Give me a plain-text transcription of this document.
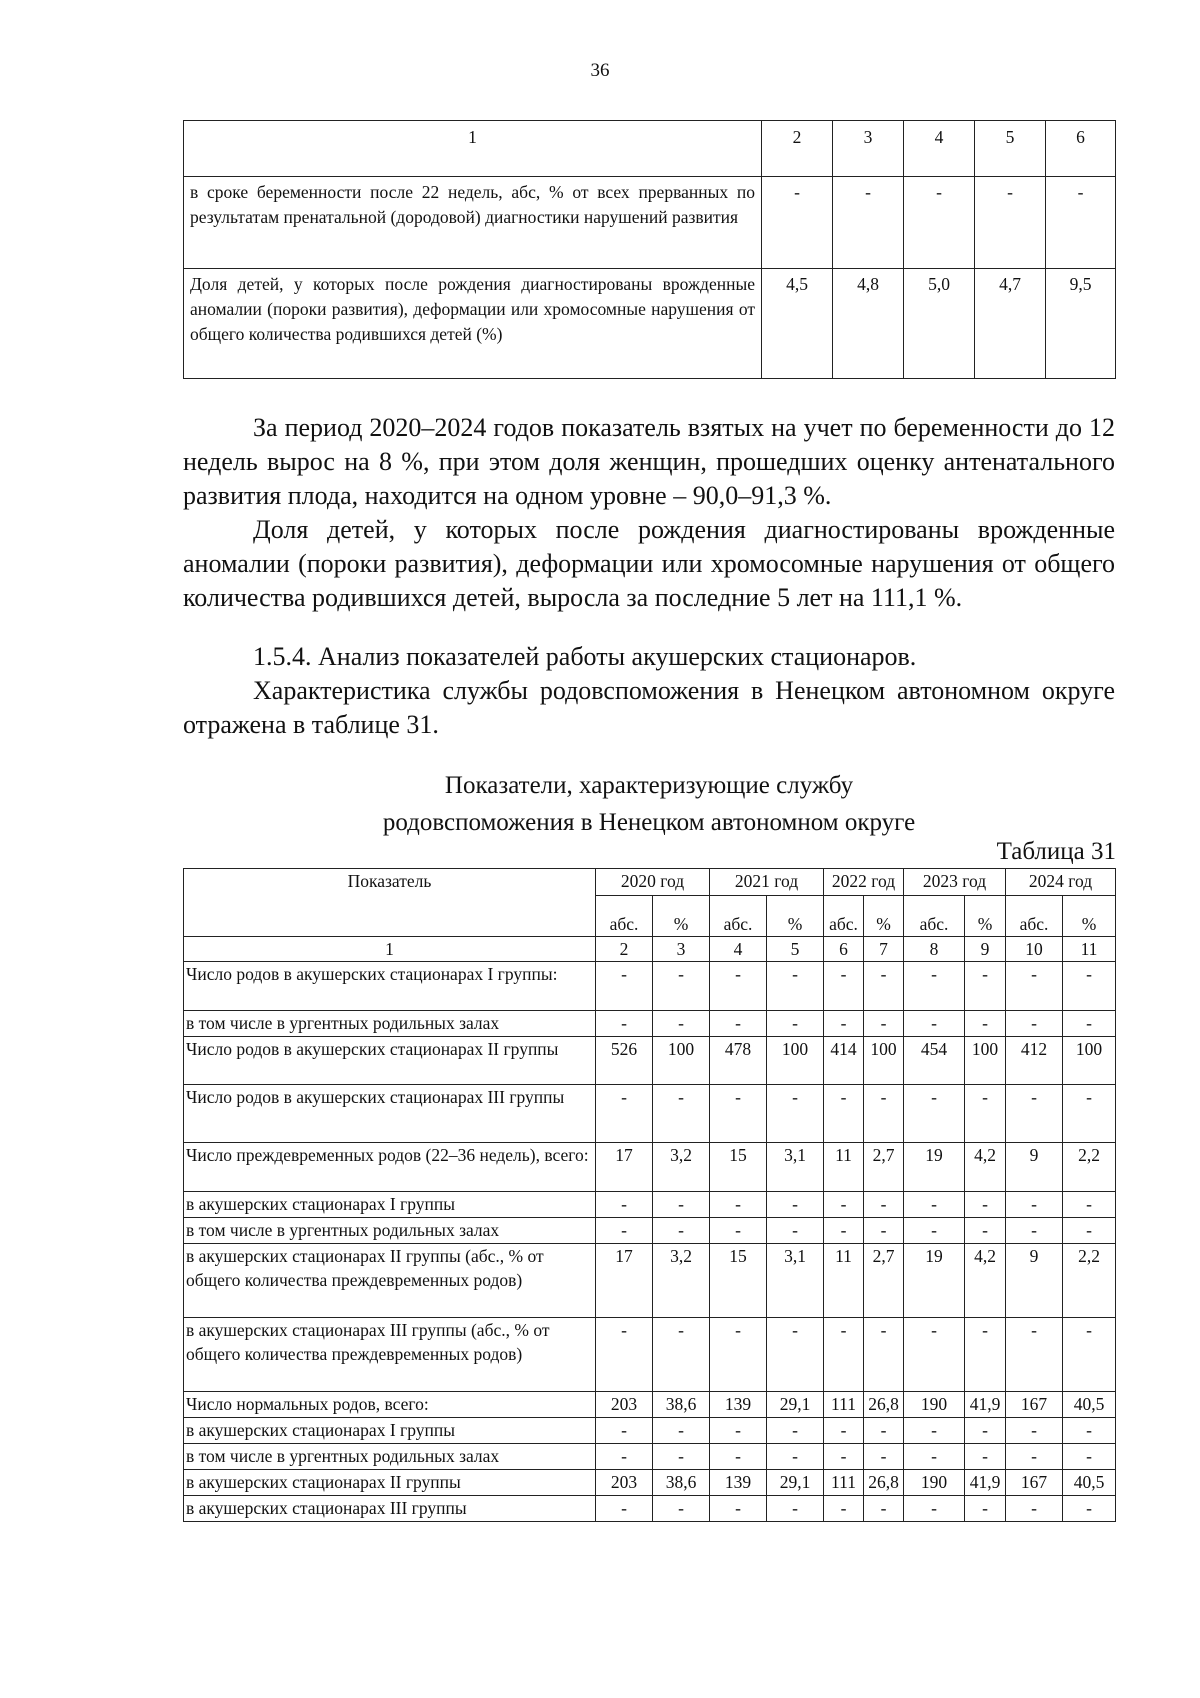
36
1	2	3	4	5	6
в сроке беременности после 22 недель, абс, % от всех прерванных по результатам пренатальной (дородовой) диагностики нарушений развития	-	-	-	-	-
Доля детей, у которых после рождения диагностированы врожденные аномалии (пороки развития), деформации или хромосомные нарушения от общего количества родившихся детей (%)	4,5	4,8	5,0	4,7	9,5

За период 2020–2024 годов показатель взятых на учет по беременности до 12 недель вырос на 8 %, при этом доля женщин, прошедших оценку антенатального развития плода, находится на одном уровне – 90,0–91,3 %.

Доля детей, у которых после рождения диагностированы врожденные аномалии (пороки развития), деформации или хромосомные нарушения от общего количества родившихся детей, выросла за последние 5 лет на 111,1 %.

1.5.4. Анализ показателей работы акушерских стационаров.

Характеристика службы родовспоможения в Ненецком автономном округе отражена в таблице 31.

Показатели, характеризующие службу
родовспоможения в Ненецком автономном округе
Таблица 31
Показатель	2020 год		2021 год		2022 год		2023 год		2024 год	
	абс.	%	абс.	%	абс.	%	абс.	%	абс.	%
1	2	3	4	5	6	7	8	9	10	11
Число родов в акушерских стационарах I группы:	-	-	-	-	-	-	-	-	-	-
в том числе в ургентных родильных залах	-	-	-	-	-	-	-	-	-	-
Число родов в акушерских стационарах II группы	526	100	478	100	414	100	454	100	412	100
Число родов в акушерских стационарах III группы	-	-	-	-	-	-	-	-	-	-
Число преждевременных родов (22–36 недель), всего:	17	3,2	15	3,1	11	2,7	19	4,2	9	2,2
в акушерских стационарах I группы	-	-	-	-	-	-	-	-	-	-
в том числе в ургентных родильных залах	-	-	-	-	-	-	-	-	-	-
в акушерских стационарах II группы (абс., % от общего количества преждевременных родов)	17	3,2	15	3,1	11	2,7	19	4,2	9	2,2
в акушерских стационарах III группы (абс., % от общего количества преждевременных родов)	-	-	-	-	-	-	-	-	-	-
Число нормальных родов, всего:	203	38,6	139	29,1	111	26,8	190	41,9	167	40,5
в акушерских стационарах I группы	-	-	-	-	-	-	-	-	-	-
в том числе в ургентных родильных залах	-	-	-	-	-	-	-	-	-	-
в акушерских стационарах II группы	203	38,6	139	29,1	111	26,8	190	41,9	167	40,5
в акушерских стационарах III группы	-	-	-	-	-	-	-	-	-	-
